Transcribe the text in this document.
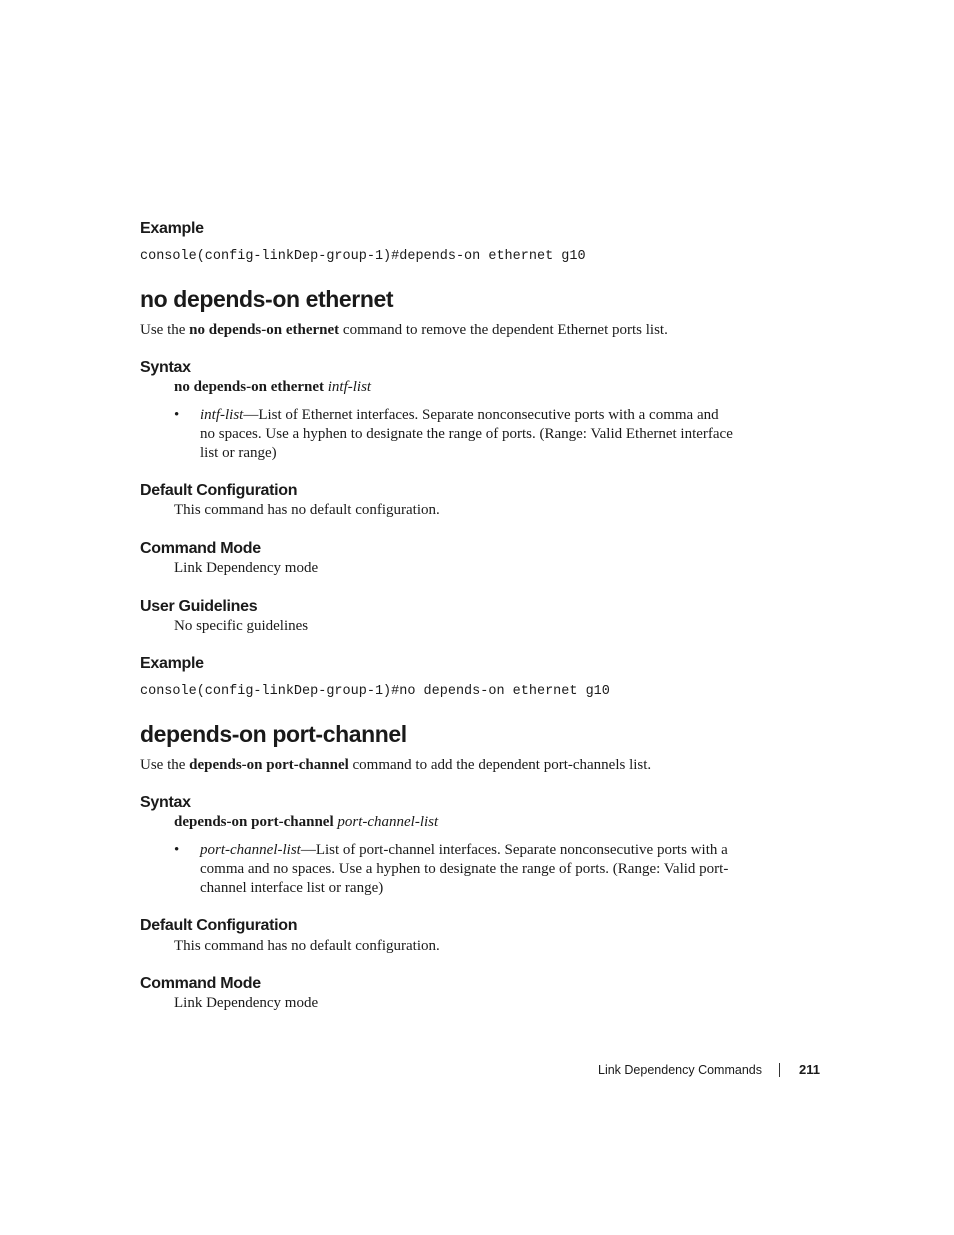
Example
console(config-linkDep-group-1)#depends-on ethernet g10
no depends-on ethernet
Use the no depends-on ethernet command to remove the dependent Ethernet ports list.
Syntax
no depends-on ethernet intf-list
• intf-list—List of Ethernet interfaces. Separate nonconsecutive ports with a comma and
no spaces. Use a hyphen to designate the range of ports. (Range: Valid Ethernet interface
list or range)
Default Configuration
This command has no default configuration.
Command Mode
Link Dependency mode
User Guidelines
No specific guidelines
Example
console(config-linkDep-group-1)#no depends-on ethernet g10
depends-on port-channel
Use the depends-on port-channel command to add the dependent port-channels list.
Syntax
depends-on port-channel port-channel-list
• port-channel-list—List of port-channel interfaces. Separate nonconsecutive ports with a
comma and no spaces. Use a hyphen to designate the range of ports. (Range: Valid port-
channel interface list or range)
Default Configuration
This command has no default configuration.
Command Mode
Link Dependency mode
Link Dependency Commands	211
